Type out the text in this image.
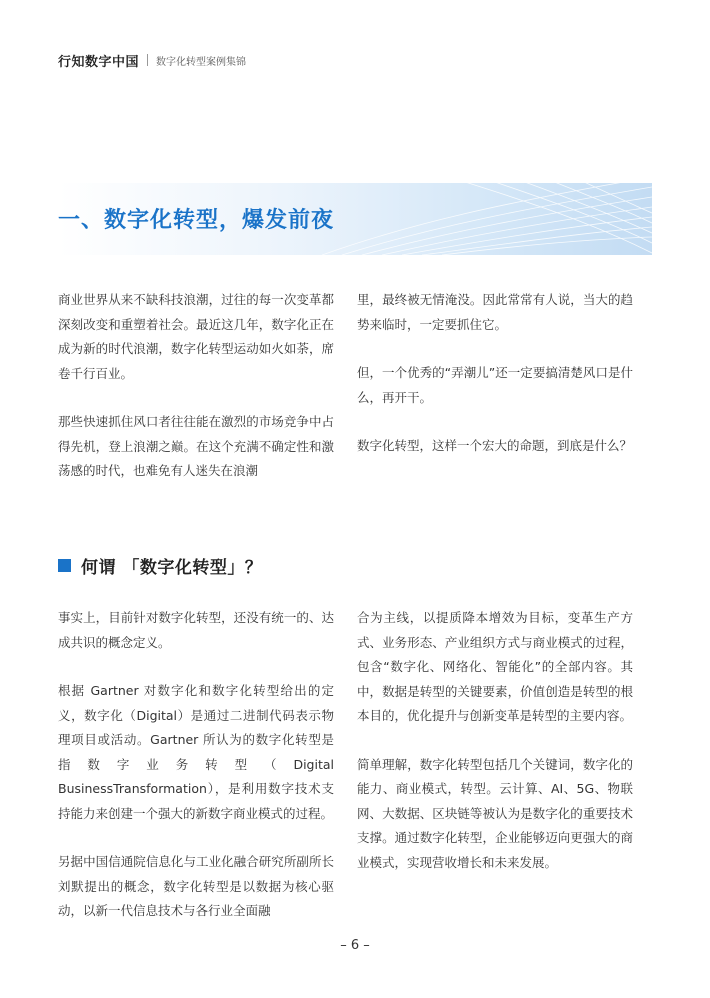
行知数字中国 数字化转型案例集锦
一、数字化转型，爆发前夜

商业世界从来不缺科技浪潮，过往的每一次变革都深刻改变和重塑着社会。最近这几年，数字化正在成为新的时代浪潮，数字化转型运动如火如荼，席卷千行百业。

那些快速抓住风口者往往能在激烈的市场竞争中占得先机，登上浪潮之巅。在这个充满不确定性和激荡感的时代，也难免有人迷失在浪潮

里，最终被无情淹没。因此常常有人说，当大的趋势来临时，一定要抓住它。

但，一个优秀的“弄潮儿”还一定要搞清楚风口是什么，再开干。

数字化转型，这样一个宏大的命题，到底是什么？

何谓 「数字化转型」？

事实上，目前针对数字化转型，还没有统一的、达成共识的概念定义。

根据 Gartner 对数字化和数字化转型给出的定义，数字化（Digital）是通过二进制代码表示物理项目或活动。Gartner 所认为的数字化转型是指数字业务转型（Digital BusinessTransformation），是利用数字技术支持能力来创建一个强大的新数字商业模式的过程。

另据中国信通院信息化与工业化融合研究所副所长刘默提出的概念，数字化转型是以数据为核心驱动，以新一代信息技术与各行业全面融

合为主线，以提质降本增效为目标，变革生产方式、业务形态、产业组织方式与商业模式的过程，包含“数字化、网络化、智能化”的全部内容。其中，数据是转型的关键要素，价值创造是转型的根本目的，优化提升与创新变革是转型的主要内容。

简单理解，数字化转型包括几个关键词，数字化的能力、商业模式，转型。云计算、AI、5G、物联网、大数据、区块链等被认为是数字化的重要技术支撑。通过数字化转型，企业能够迈向更强大的商业模式，实现营收增长和未来发展。

– 6 –
